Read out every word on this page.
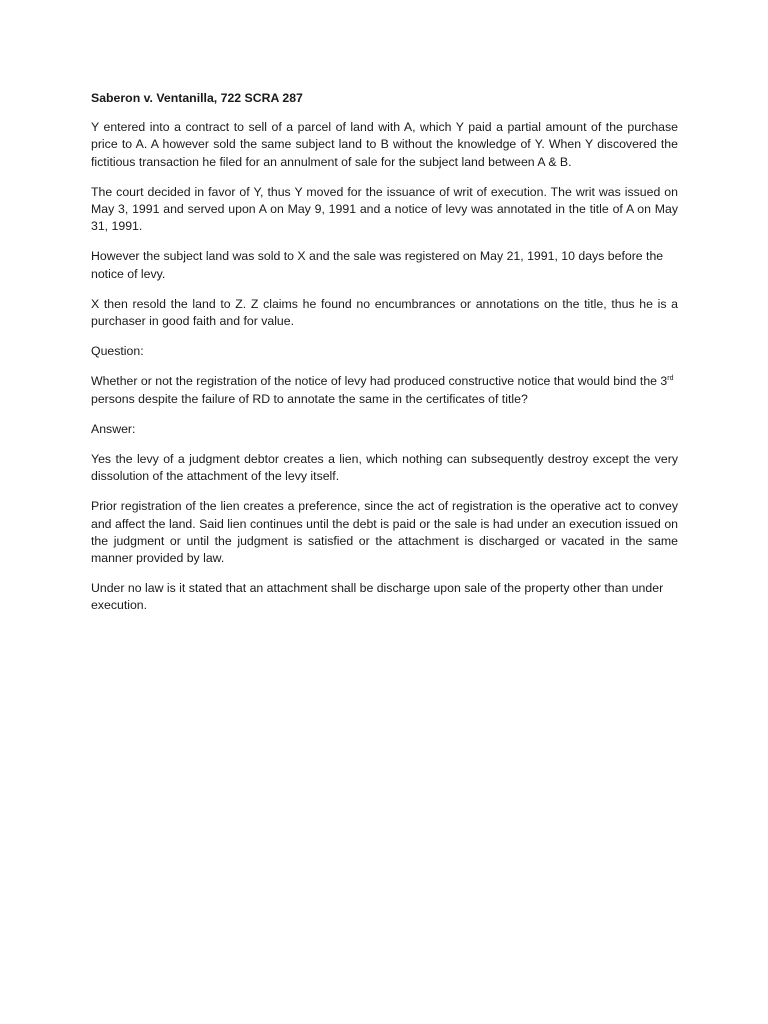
Saberon v. Ventanilla, 722 SCRA 287

Y entered into a contract to sell of a parcel of land with A, which Y paid a partial amount of the purchase price to A. A however sold the same subject land to B without the knowledge of Y. When Y discovered the fictitious transaction he filed for an annulment of sale for the subject land between A & B.

The court decided in favor of Y, thus Y moved for the issuance of writ of execution. The writ was issued on May 3, 1991 and served upon A on May 9, 1991 and a notice of levy was annotated in the title of A on May 31, 1991.

However the subject land was sold to X and the sale was registered on May 21, 1991, 10 days before the notice of levy.

X then resold the land to Z. Z claims he found no encumbrances or annotations on the title, thus he is a purchaser in good faith and for value.

Question:

Whether or not the registration of the notice of levy had produced constructive notice that would bind the 3rd persons despite the failure of RD to annotate the same in the certificates of title?

Answer:

Yes the levy of a judgment debtor creates a lien, which nothing can subsequently destroy except the very dissolution of the attachment of the levy itself.

Prior registration of the lien creates a preference, since the act of registration is the operative act to convey and affect the land. Said lien continues until the debt is paid or the sale is had under an execution issued on the judgment or until the judgment is satisfied or the attachment is discharged or vacated in the same manner provided by law.

Under no law is it stated that an attachment shall be discharge upon sale of the property other than under execution.
